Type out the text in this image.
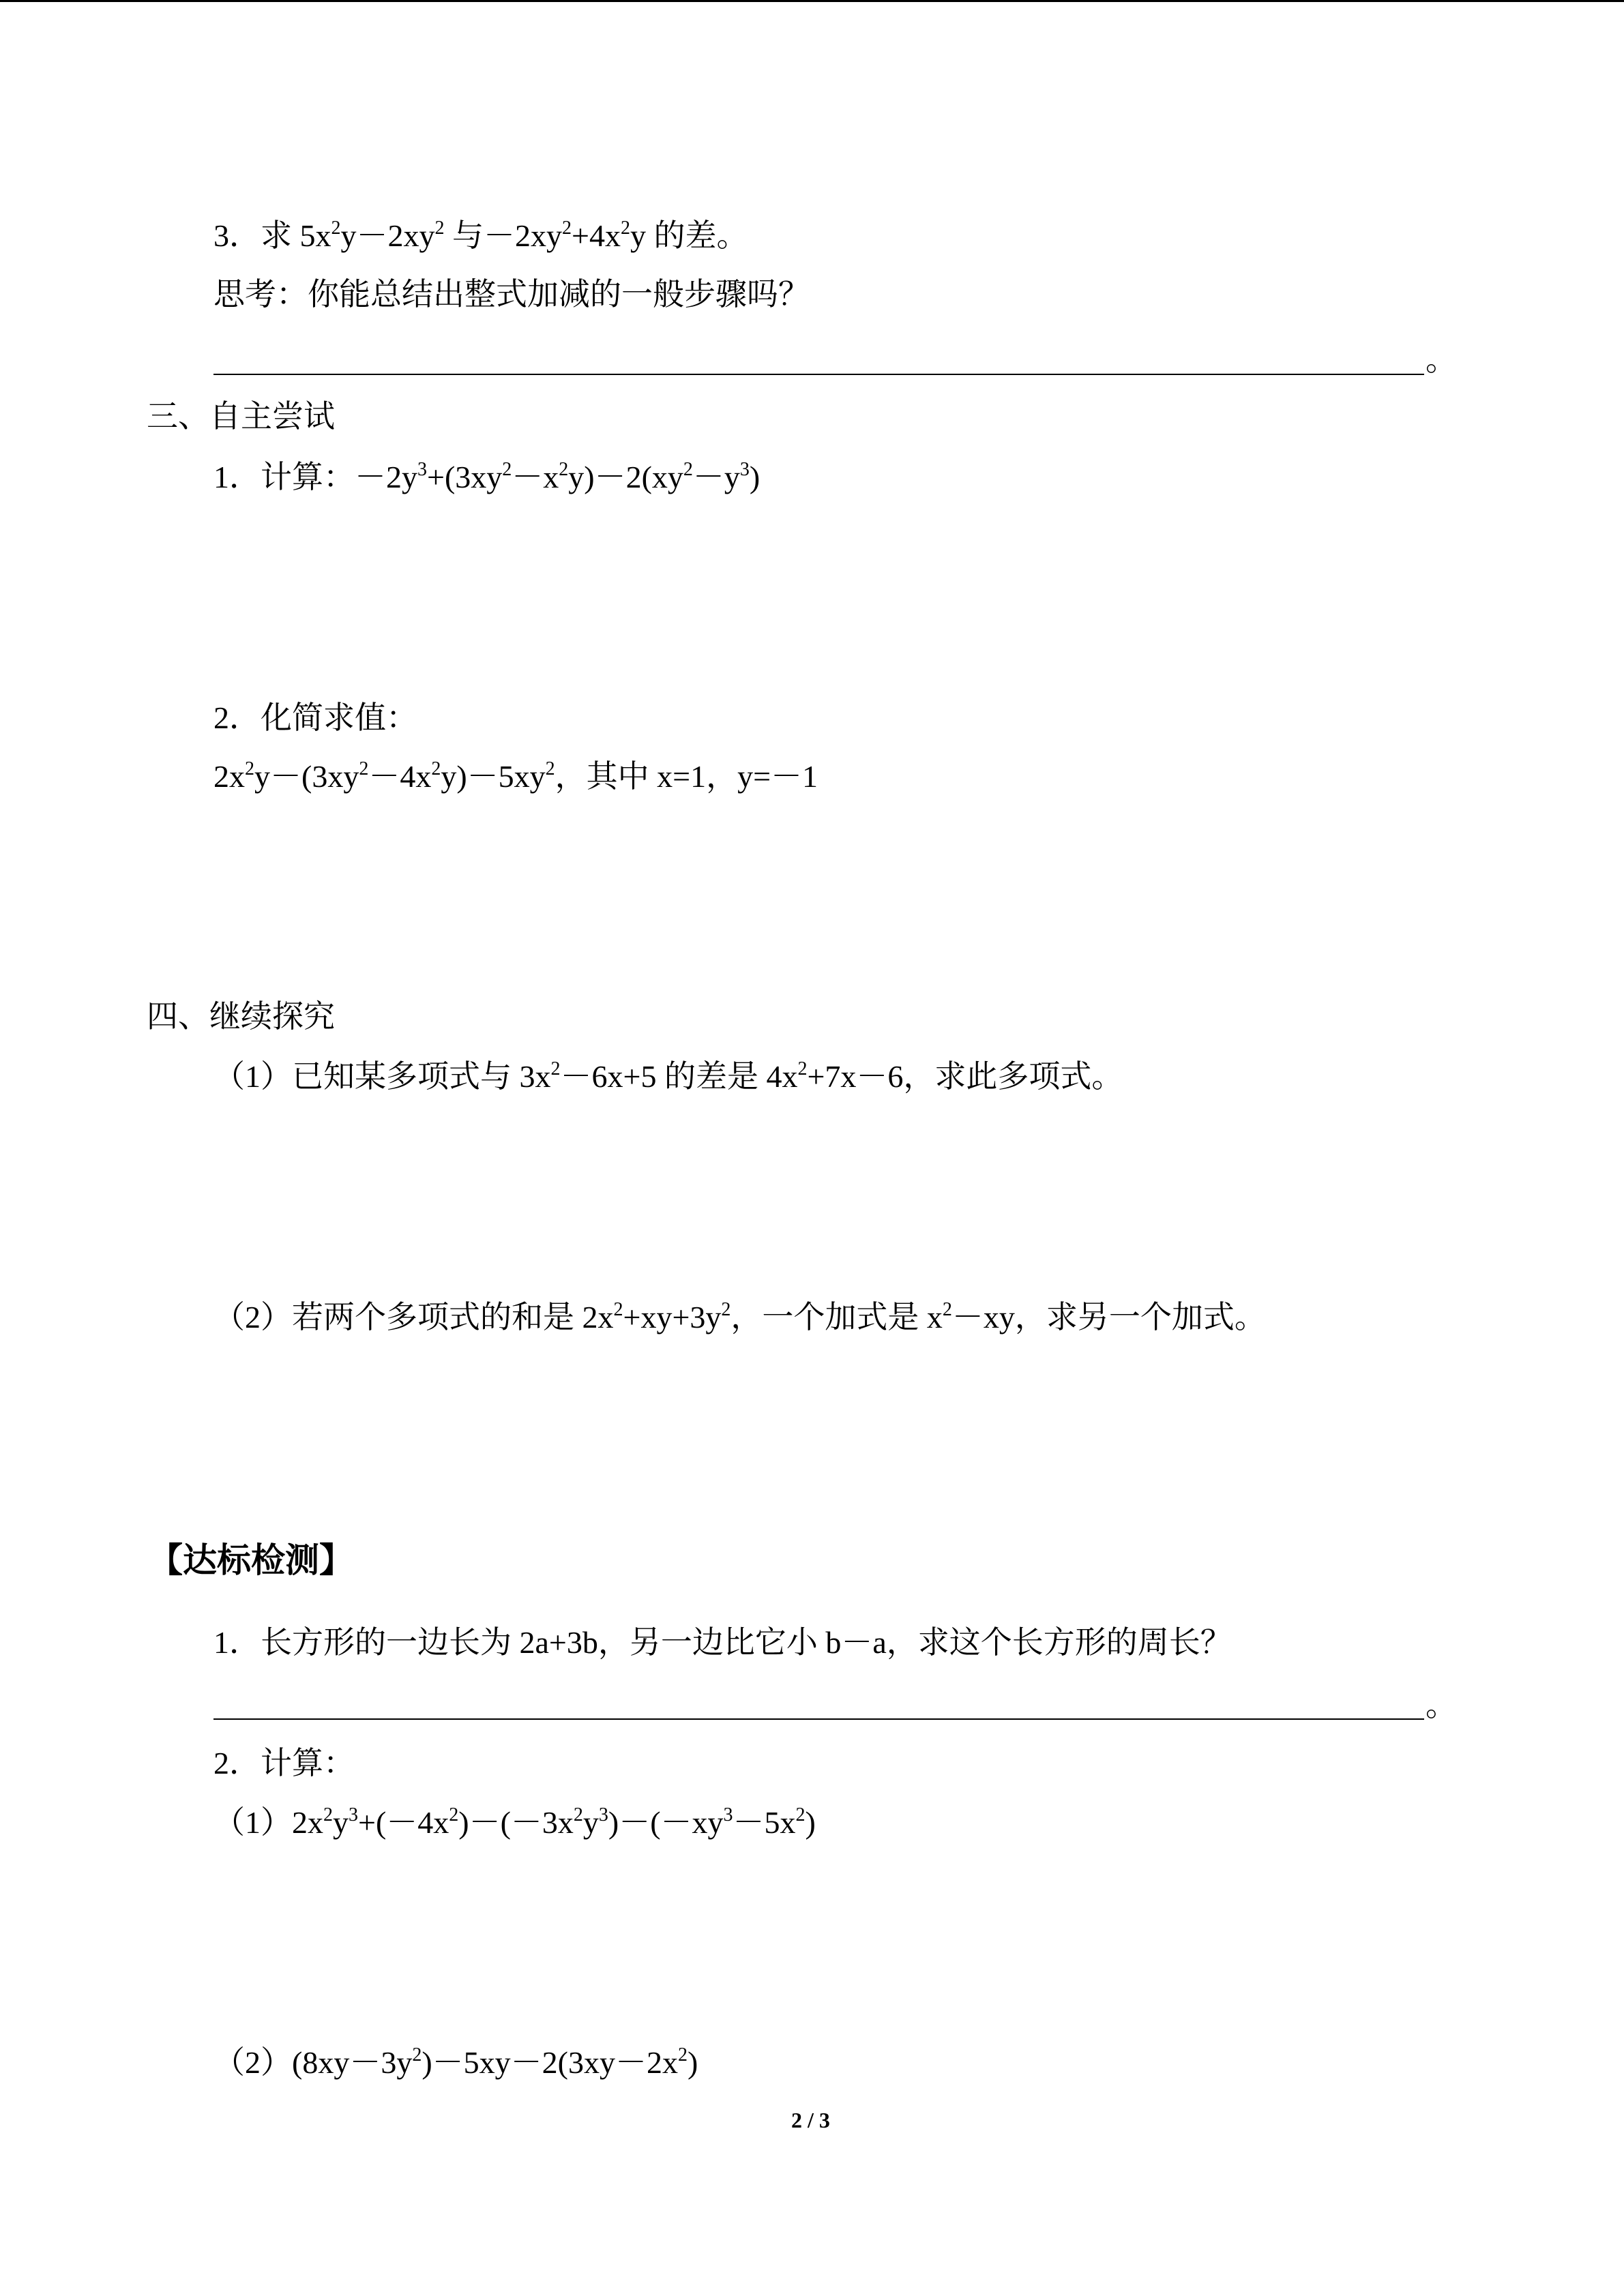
3．求 $5x^2y-2xy^2$ 与$-2xy^2+4x^2y$ 的差。
思考：你能总结出整式加减的一般步骤吗？
。
三、自主尝试
1．计算：$-2y^3+(3xy^2-x^2y)-2(xy^2-y^3)$
2．化简求值：
$2x^2y-(3xy^2-4x^2y)-5xy^2$，其中 x=1，y=－1
四、继续探究
（1）已知某多项式与 $3x^2-6x+5$ 的差是 $4x^2+7x-6$，求此多项式。
（2）若两个多项式的和是 $2x^2+xy+3y^2$，一个加式是 $x^2-xy$，求另一个加式。
【达标检测】
1．长方形的一边长为 2a+3b，另一边比它小 b－a，求这个长方形的周长？
。
2．计算：
$(1)2x^2y^3+(-4x^2)-(-3x^2y^3)-(-xy^3-5x^2)$
$(2)(8xy-3y^2)-5xy-2(3xy-2x^2)$
2 / 3
